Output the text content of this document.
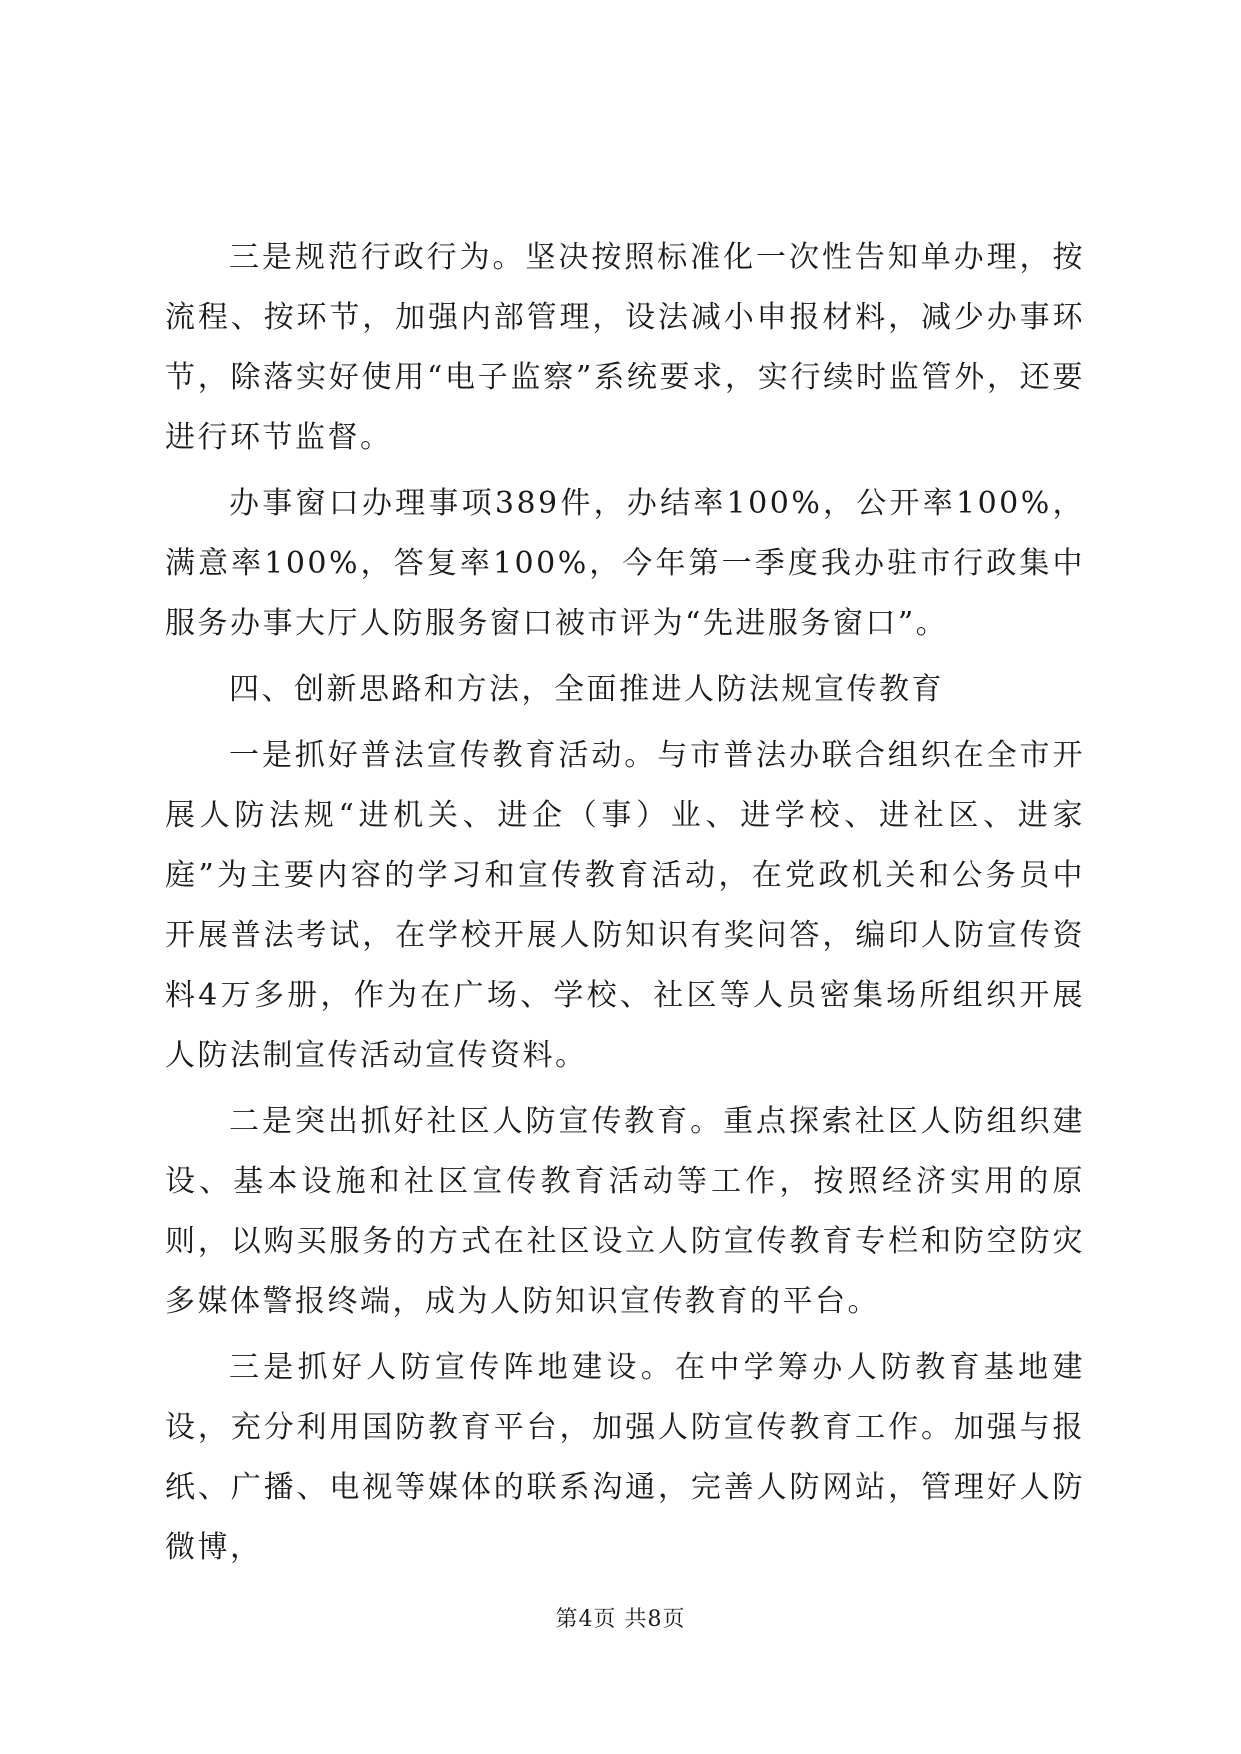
三是规范行政行为。坚决按照标准化一次性告知单办理，按流程、按环节，加强内部管理，设法减小申报材料，减少办事环节，除落实好使用“电子监察”系统要求，实行续时监管外，还要进行环节监督。

办事窗口办理事项389件，办结率100%，公开率100%，满意率100%，答复率100%，今年第一季度我办驻市行政集中服务办事大厅人防服务窗口被市评为“先进服务窗口”。

四、创新思路和方法，全面推进人防法规宣传教育

一是抓好普法宣传教育活动。与市普法办联合组织在全市开展人防法规“进机关、进企（事）业、进学校、进社区、进家庭”为主要内容的学习和宣传教育活动，在党政机关和公务员中开展普法考试，在学校开展人防知识有奖问答，编印人防宣传资料4万多册，作为在广场、学校、社区等人员密集场所组织开展人防法制宣传活动宣传资料。

二是突出抓好社区人防宣传教育。重点探索社区人防组织建设、基本设施和社区宣传教育活动等工作，按照经济实用的原则，以购买服务的方式在社区设立人防宣传教育专栏和防空防灾多媒体警报终端，成为人防知识宣传教育的平台。

三是抓好人防宣传阵地建设。在中学筹办人防教育基地建设，充分利用国防教育平台，加强人防宣传教育工作。加强与报纸、广播、电视等媒体的联系沟通，完善人防网站，管理好人防微博，

第4页 共8页
